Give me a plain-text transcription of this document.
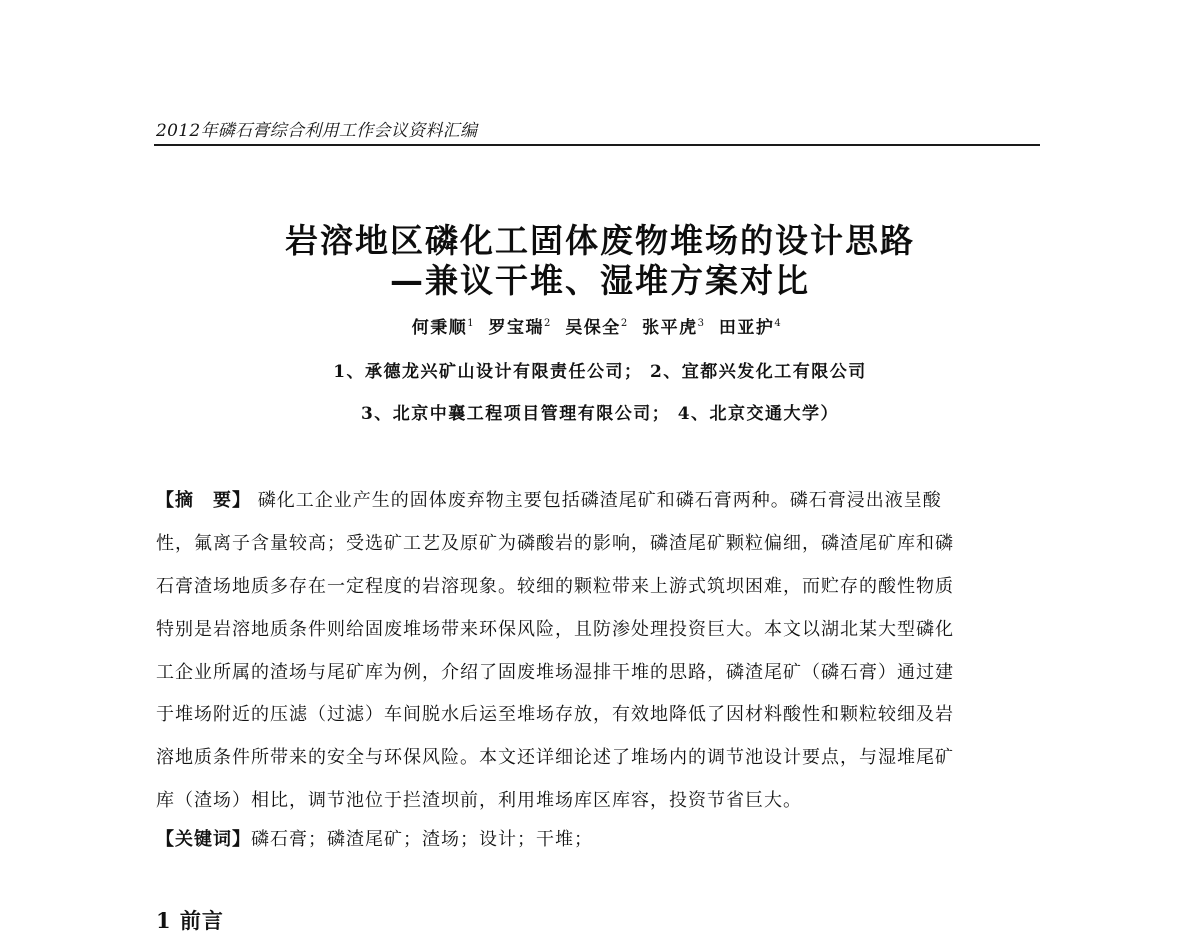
2012年磷石膏综合利用工作会议资料汇编
岩溶地区磷化工固体废物堆场的设计思路
—兼议干堆、湿堆方案对比
何秉顺$^1$ 罗宝瑞$^2$ 吴保全$^2$ 张平虎$^3$ 田亚护$^4$
1、承德龙兴矿山设计有限责任公司； 2、宜都兴发化工有限公司
3、北京中襄工程项目管理有限公司； 4、北京交通大学）
【摘　要】 磷化工企业产生的固体废弃物主要包括磷渣尾矿和磷石膏两种。磷石膏浸出液呈酸
性，氟离子含量较高；受选矿工艺及原矿为磷酸岩的影响，磷渣尾矿颗粒偏细，磷渣尾矿库和磷
石膏渣场地质多存在一定程度的岩溶现象。较细的颗粒带来上游式筑坝困难，而贮存的酸性物质
特别是岩溶地质条件则给固废堆场带来环保风险，且防渗处理投资巨大。本文以湖北某大型磷化
工企业所属的渣场与尾矿库为例，介绍了固废堆场湿排干堆的思路，磷渣尾矿（磷石膏）通过建
于堆场附近的压滤（过滤）车间脱水后运至堆场存放，有效地降低了因材料酸性和颗粒较细及岩
溶地质条件所带来的安全与环保风险。本文还详细论述了堆场内的调节池设计要点，与湿堆尾矿
库（渣场）相比，调节池位于拦渣坝前，利用堆场库区库容，投资节省巨大。
【关键词】磷石膏；磷渣尾矿；渣场；设计；干堆；
1 前言
